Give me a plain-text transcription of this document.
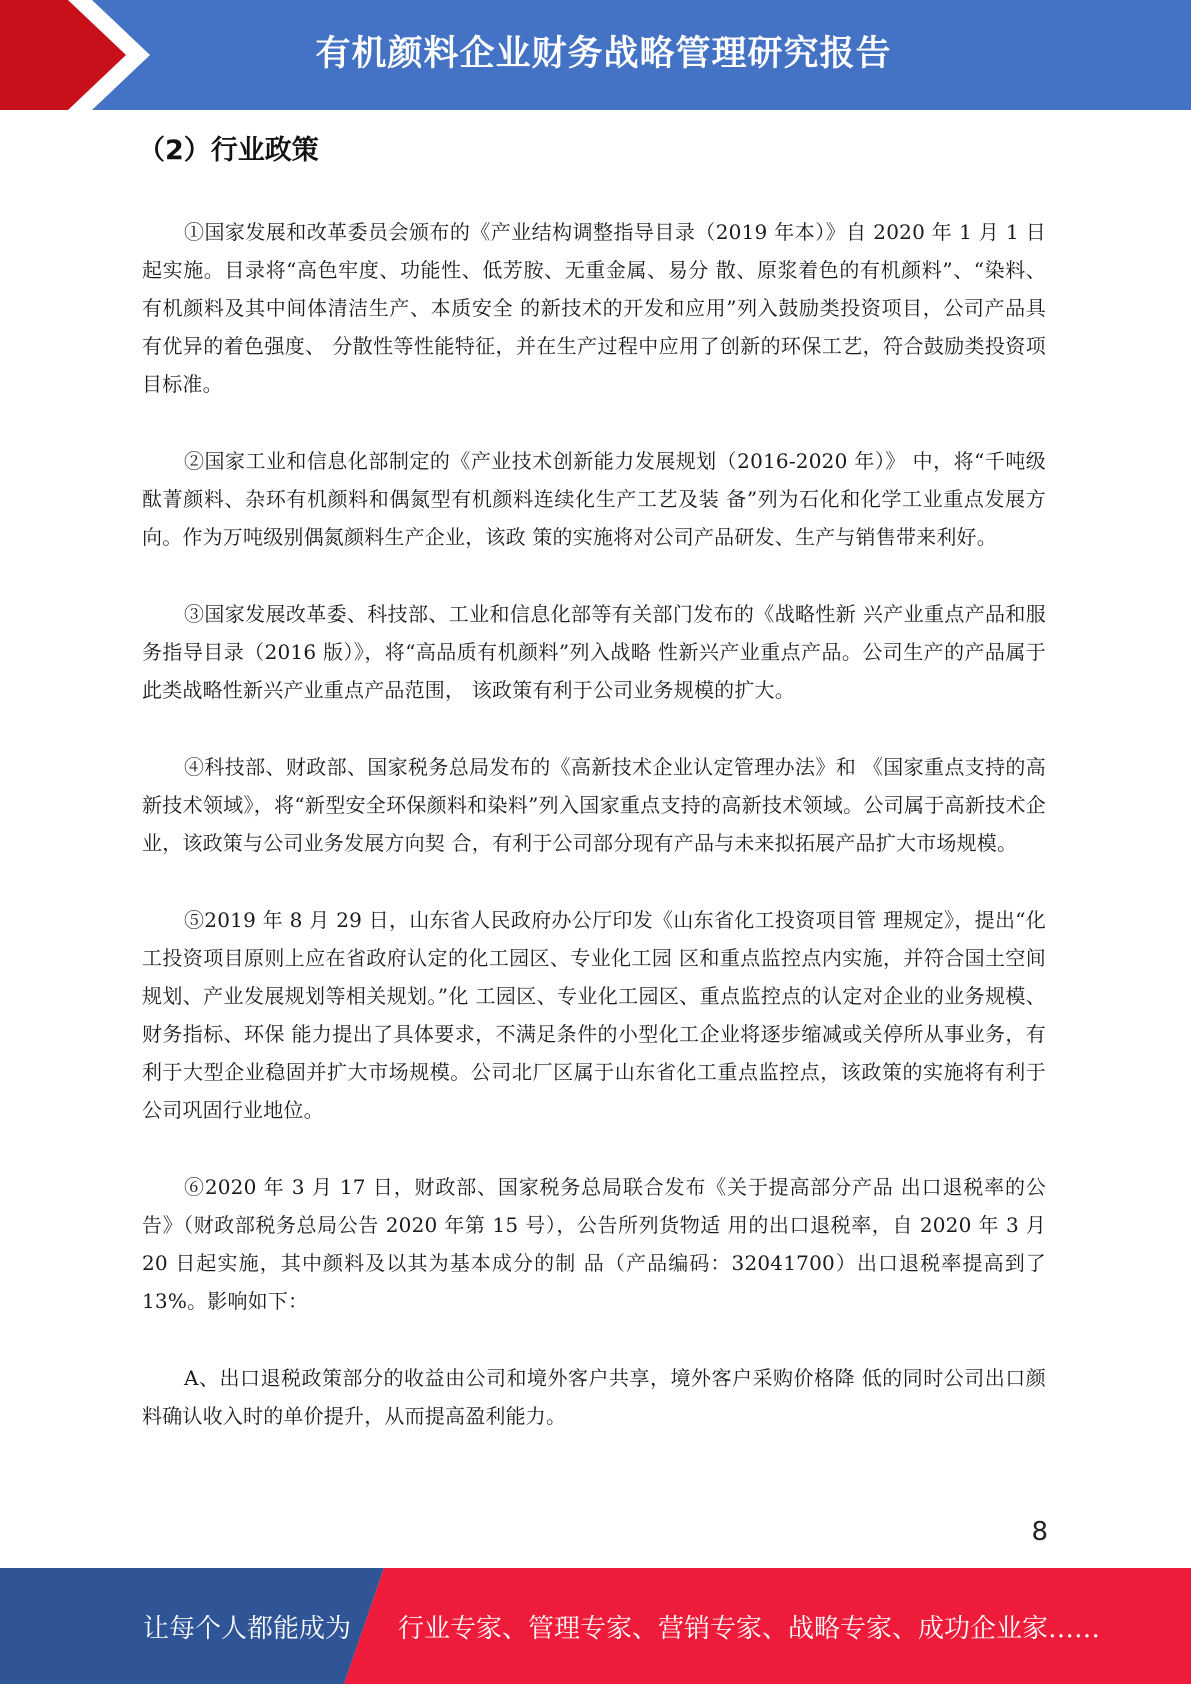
有机颜料企业财务战略管理研究报告
（2）行业政策

①国家发展和改革委员会颁布的《产业结构调整指导目录（2019 年本）》自 2020 年 1 月 1 日起实施。目录将“高色牢度、功能性、低芳胺、无重金属、易分 散、原浆着色的有机颜料”、“染料、有机颜料及其中间体清洁生产、本质安全 的新技术的开发和应用”列入鼓励类投资项目，公司产品具有优异的着色强度、 分散性等性能特征，并在生产过程中应用了创新的环保工艺，符合鼓励类投资项目标准。

②国家工业和信息化部制定的《产业技术创新能力发展规划（2016-2020 年）》 中，将“千吨级酞菁颜料、杂环有机颜料和偶氮型有机颜料连续化生产工艺及装 备”列为石化和化学工业重点发展方向。作为万吨级别偶氮颜料生产企业，该政 策的实施将对公司产品研发、生产与销售带来利好。

③国家发展改革委、科技部、工业和信息化部等有关部门发布的《战略性新 兴产业重点产品和服务指导目录（2016 版）》，将“高品质有机颜料”列入战略 性新兴产业重点产品。公司生产的产品属于此类战略性新兴产业重点产品范围， 该政策有利于公司业务规模的扩大。

④科技部、财政部、国家税务总局发布的《高新技术企业认定管理办法》和 《国家重点支持的高新技术领域》，将“新型安全环保颜料和染料”列入国家重点支持的高新技术领域。公司属于高新技术企业，该政策与公司业务发展方向契 合，有利于公司部分现有产品与未来拟拓展产品扩大市场规模。

⑤2019 年 8 月 29 日，山东省人民政府办公厅印发《山东省化工投资项目管 理规定》，提出“化工投资项目原则上应在省政府认定的化工园区、专业化工园 区和重点监控点内实施，并符合国土空间规划、产业发展规划等相关规划。”化 工园区、专业化工园区、重点监控点的认定对企业的业务规模、财务指标、环保 能力提出了具体要求，不满足条件的小型化工企业将逐步缩减或关停所从事业务，有利于大型企业稳固并扩大市场规模。公司北厂区属于山东省化工重点监控点，该政策的实施将有利于公司巩固行业地位。

⑥2020 年 3 月 17 日，财政部、国家税务总局联合发布《关于提高部分产品 出口退税率的公告》（财政部税务总局公告 2020 年第 15 号），公告所列货物适 用的出口退税率，自 2020 年 3 月 20 日起实施，其中颜料及以其为基本成分的制 品（产品编码：32041700）出口退税率提高到了 13%。影响如下：

A、出口退税政策部分的收益由公司和境外客户共享，境外客户采购价格降 低的同时公司出口颜料确认收入时的单价提升，从而提高盈利能力。

8
让每个人都能成为 行业专家、管理专家、营销专家、战略专家、成功企业家……
